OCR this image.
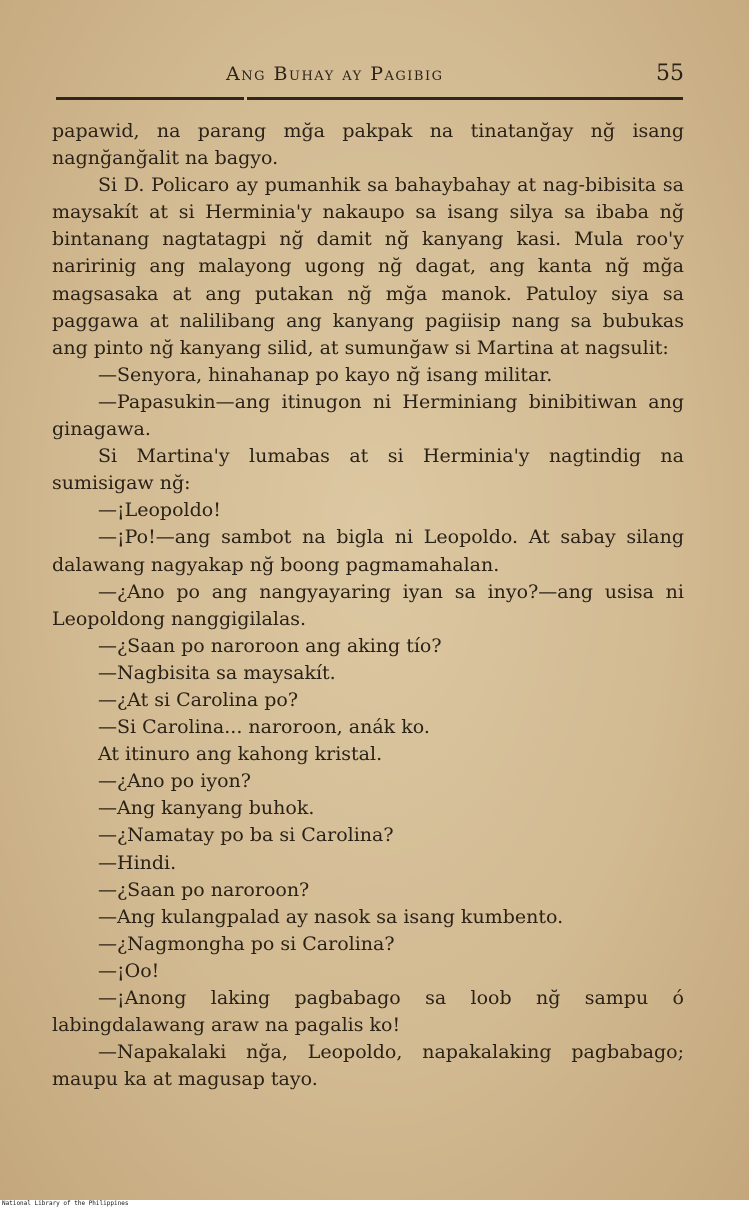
Ang Buhay ay Pagibig	55

papawid, na parang mğa pakpak na tinatanğay nğ isang nagnğanğalit na bagyo.

Si D. Policaro ay pumanhik sa bahaybahay at nag-bibisita sa maysakít at si Herminia'y nakaupo sa isang silya sa ibaba nğ bintanang nagtatagpi nğ damit nğ kanyang kasi. Mula roo'y naririnig ang malayong ugong nğ dagat, ang kanta nğ mğa magsasaka at ang putakan nğ mğa manok. Patuloy siya sa paggawa at nalilibang ang kanyang pagiisip nang sa bubukas ang pinto nğ kanyang silid, at sumunğaw si Martina at nagsulit:

—Senyora, hinahanap po kayo nğ isang militar.

—Papasukin—ang itinugon ni Herminiang binibitiwan ang ginagawa.

Si Martina'y lumabas at si Herminia'y nagtindig na sumisigaw nğ:

—¡Leopoldo!

—¡Po!—ang sambot na bigla ni Leopoldo. At sabay silang dalawang nagyakap nğ boong pagmamahalan.

—¿Ano po ang nangyayaring iyan sa inyo?—ang usisa ni Leopoldong nanggigilalas.

—¿Saan po naroroon ang aking tío?

—Nagbisita sa maysakít.

—¿At si Carolina po?

—Si Carolina... naroroon, anák ko.

At itinuro ang kahong kristal.

—¿Ano po iyon?

—Ang kanyang buhok.

—¿Namatay po ba si Carolina?

—Hindi.

—¿Saan po naroroon?

—Ang kulangpalad ay nasok sa isang kumbento.

—¿Nagmongha po si Carolina?

—¡Oo!

—¡Anong laking pagbabago sa loob nğ sampu ó labingdalawang araw na pagalis ko!

—Napakalaki nğa, Leopoldo, napakalaking pagbabago; maupu ka at magusap tayo.

National Library of the Philippines
